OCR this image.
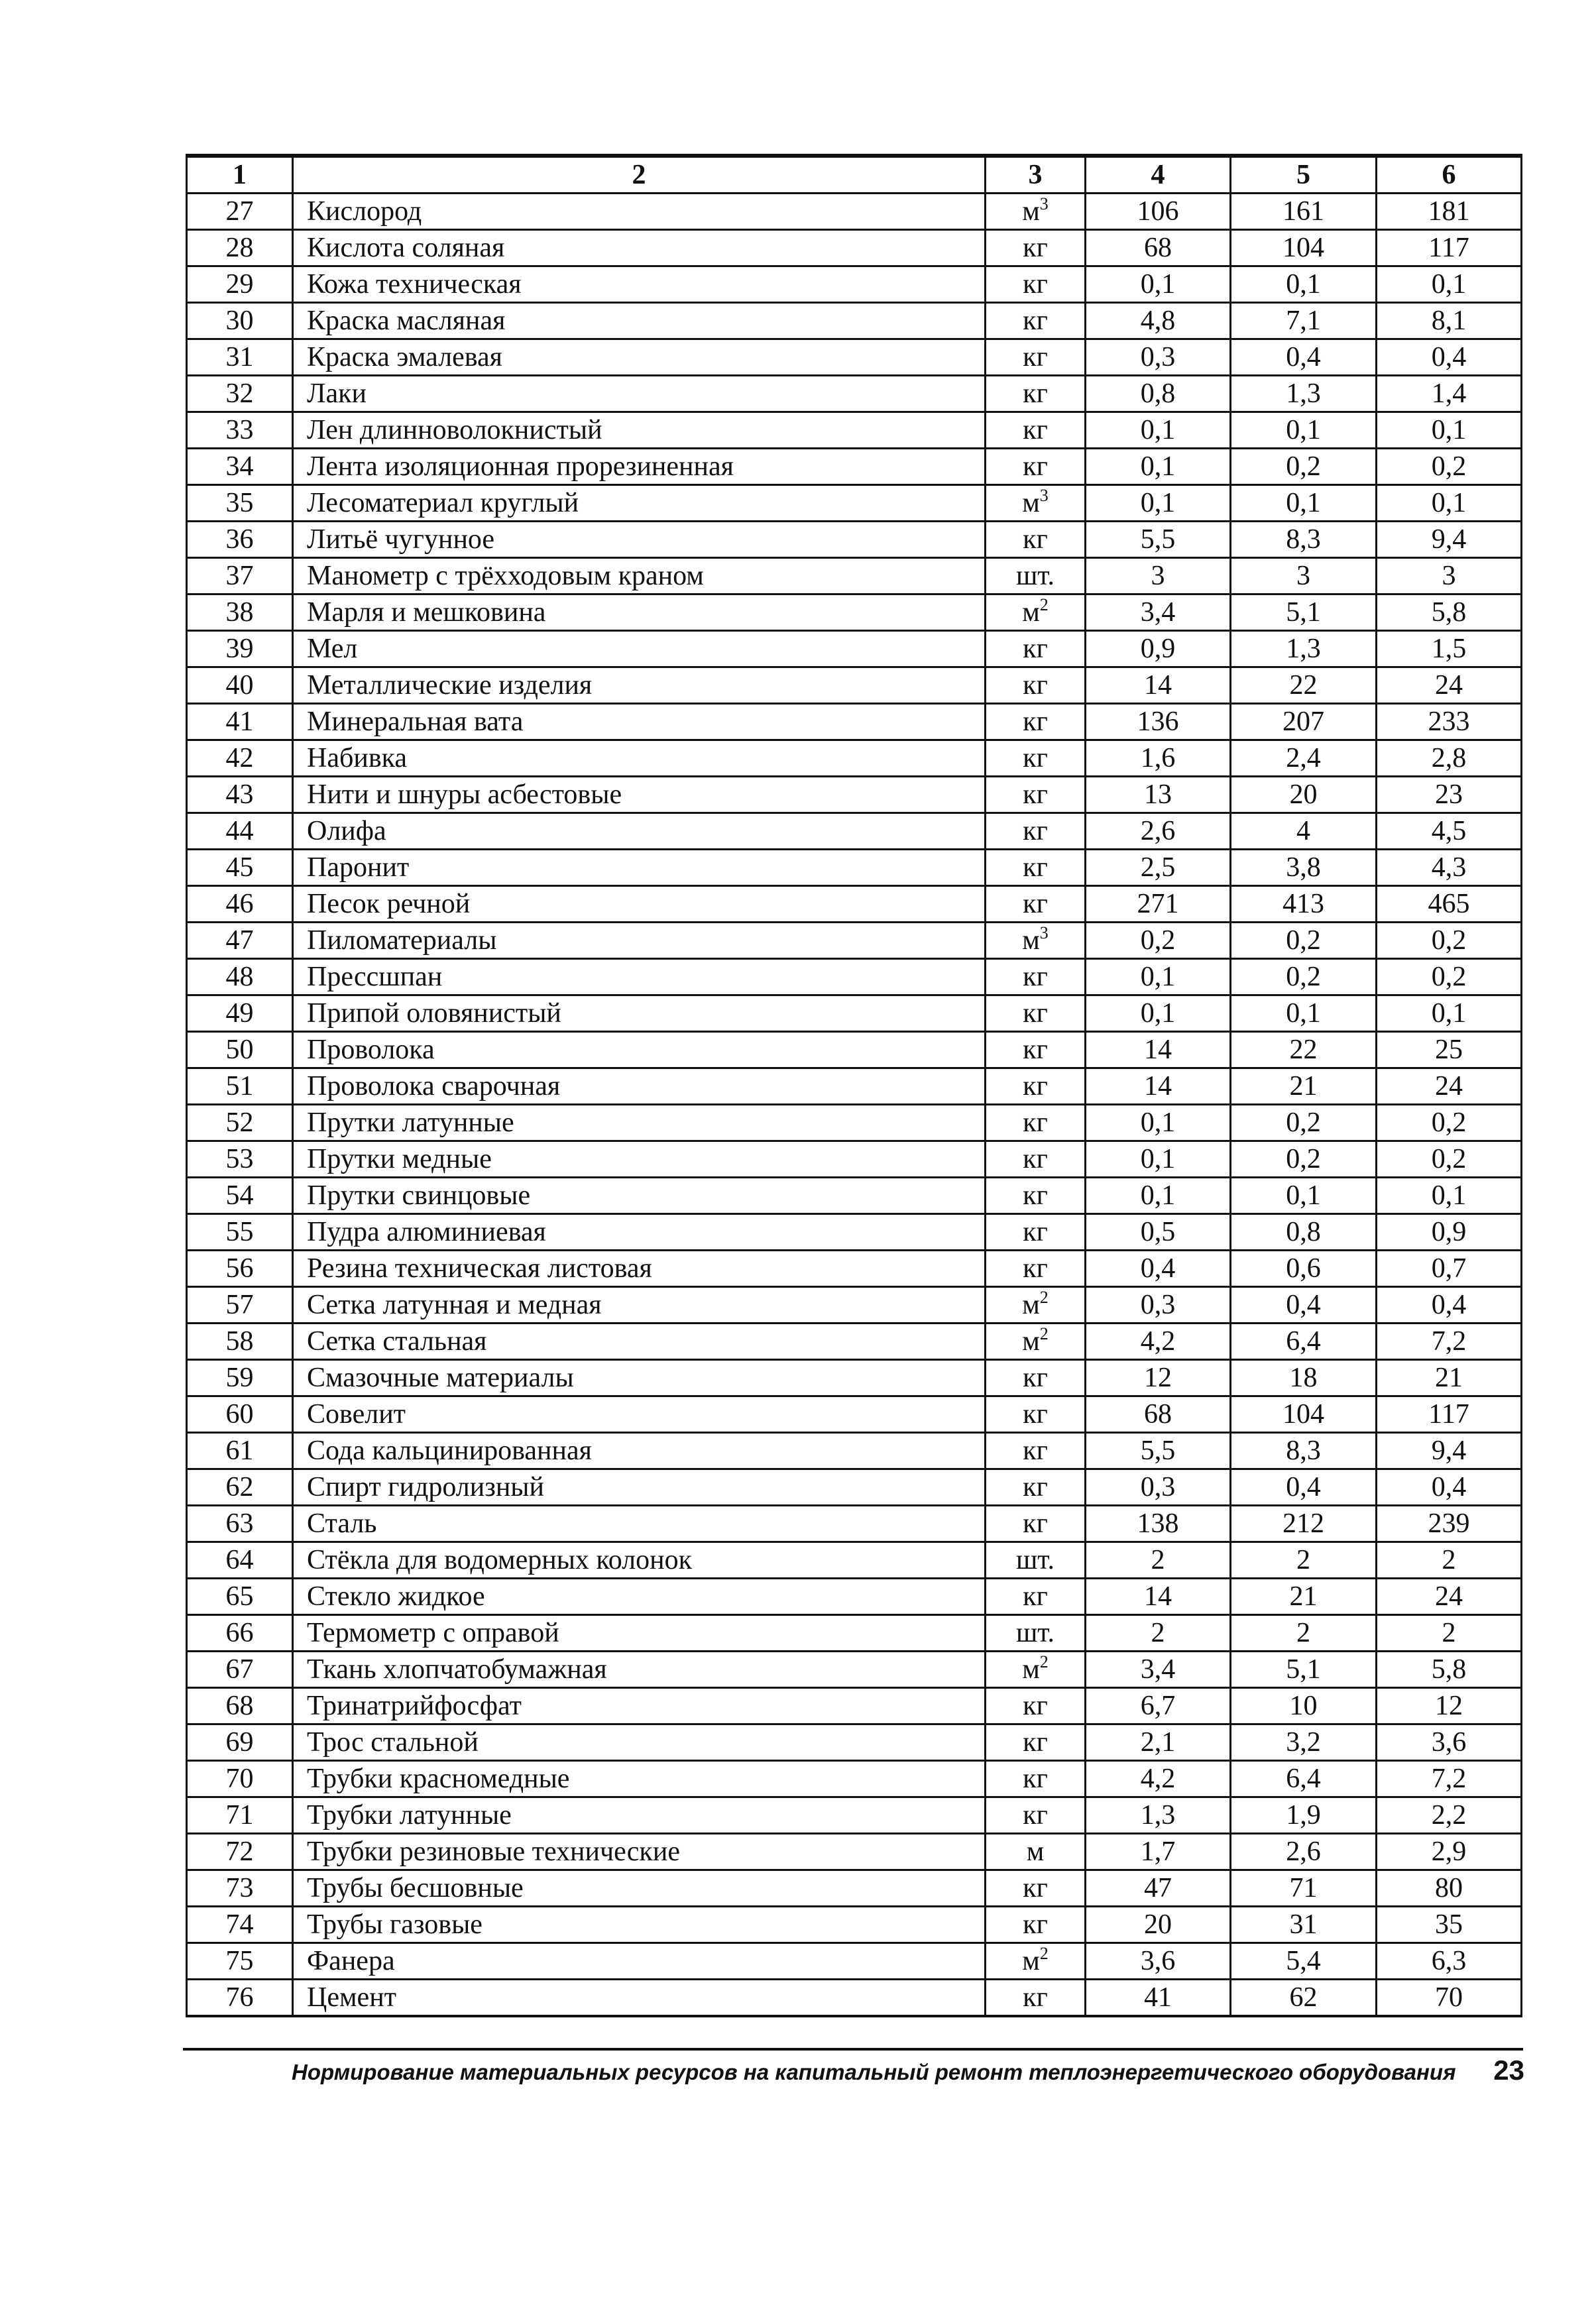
1	2	3	4	5	6
27	Кислород	$м^3$	106	161	181
28	Кислота соляная	кг	68	104	117
29	Кожа техническая	кг	0,1	0,1	0,1
30	Краска масляная	кг	4,8	7,1	8,1
31	Краска эмалевая	кг	0,3	0,4	0,4
32	Лаки	кг	0,8	1,3	1,4
33	Лен длинноволокнистый	кг	0,1	0,1	0,1
34	Лента изоляционная прорезиненная	кг	0,1	0,2	0,2
35	Лесоматериал круглый	$м^3$	0,1	0,1	0,1
36	Литьё чугунное	кг	5,5	8,3	9,4
37	Манометр с трёхходовым краном	шт.	3	3	3
38	Марля и мешковина	$м^2$	3,4	5,1	5,8
39	Мел	кг	0,9	1,3	1,5
40	Металлические изделия	кг	14	22	24
41	Минеральная вата	кг	136	207	233
42	Набивка	кг	1,6	2,4	2,8
43	Нити и шнуры асбестовые	кг	13	20	23
44	Олифа	кг	2,6	4	4,5
45	Паронит	кг	2,5	3,8	4,3
46	Песок речной	кг	271	413	465
47	Пиломатериалы	$м^3$	0,2	0,2	0,2
48	Прессшпан	кг	0,1	0,2	0,2
49	Припой оловянистый	кг	0,1	0,1	0,1
50	Проволока	кг	14	22	25
51	Проволока сварочная	кг	14	21	24
52	Прутки латунные	кг	0,1	0,2	0,2
53	Прутки медные	кг	0,1	0,2	0,2
54	Прутки свинцовые	кг	0,1	0,1	0,1
55	Пудра алюминиевая	кг	0,5	0,8	0,9
56	Резина техническая листовая	кг	0,4	0,6	0,7
57	Сетка латунная и медная	$м^2$	0,3	0,4	0,4
58	Сетка стальная	$м^2$	4,2	6,4	7,2
59	Смазочные материалы	кг	12	18	21
60	Совелит	кг	68	104	117
61	Сода кальцинированная	кг	5,5	8,3	9,4
62	Спирт гидролизный	кг	0,3	0,4	0,4
63	Сталь	кг	138	212	239
64	Стёкла для водомерных колонок	шт.	2	2	2
65	Стекло жидкое	кг	14	21	24
66	Термометр с оправой	шт.	2	2	2
67	Ткань хлопчатобумажная	$м^2$	3,4	5,1	5,8
68	Тринатрийфосфат	кг	6,7	10	12
69	Трос стальной	кг	2,1	3,2	3,6
70	Трубки красномедные	кг	4,2	6,4	7,2
71	Трубки латунные	кг	1,3	1,9	2,2
72	Трубки резиновые технические	м	1,7	2,6	2,9
73	Трубы бесшовные	кг	47	71	80
74	Трубы газовые	кг	20	31	35
75	Фанера	$м^2$	3,6	5,4	6,3
76	Цемент	кг	41	62	70
Нормирование материальных ресурсов на капитальный ремонт теплоэнергетического оборудования	23
